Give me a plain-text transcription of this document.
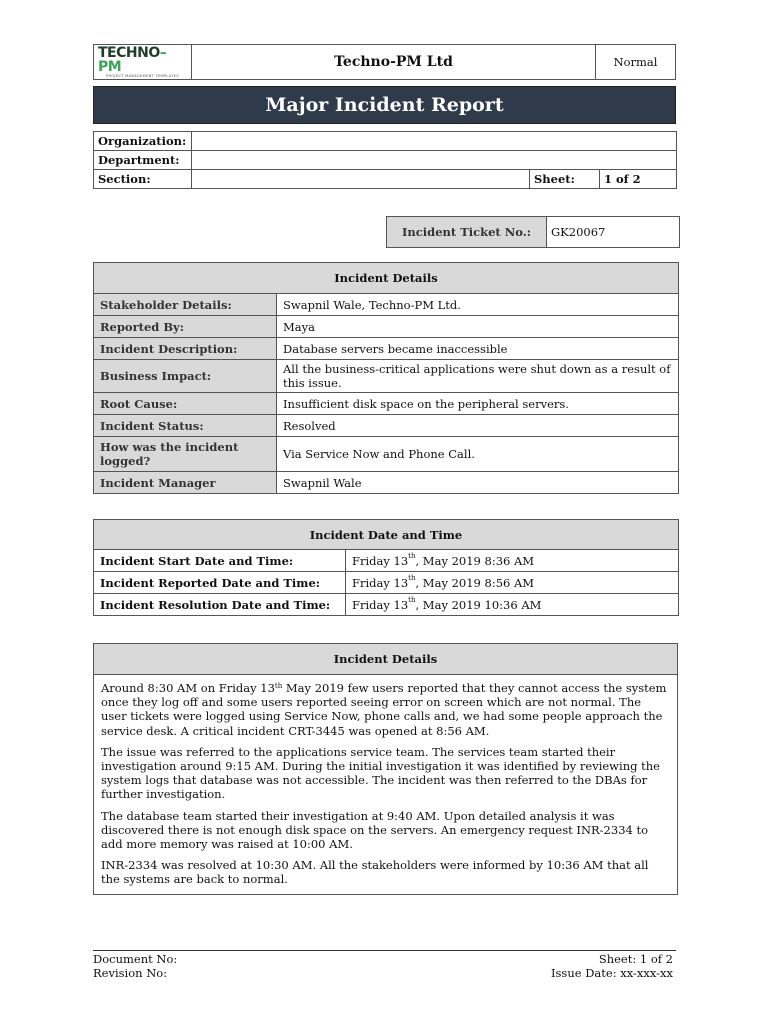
TECHNO–PM
PROJECT MANAGEMENT TEMPLATES
	Techno-PM Ltd	Normal
Major Incident Report
Organization:			
Department:			
Section:		Sheet:	1 of 2
Incident Ticket No.:	GK20067
Incident Details	
Stakeholder Details:	Swapnil Wale, Techno-PM Ltd.
Reported By:	Maya
Incident Description:	Database servers became inaccessible
Business Impact:	All the business-critical applications were shut down as a result of this issue.
Root Cause:	Insufficient disk space on the peripheral servers.
Incident Status:	Resolved
How was the incident logged?	Via Service Now and Phone Call.
Incident Manager	Swapnil Wale
Incident Date and Time	
Incident Start Date and Time:	Friday 13th, May 2019 8:36 AM
Incident Reported Date and Time:	Friday 13th, May 2019 8:56 AM
Incident Resolution Date and Time:	Friday 13th, May 2019 10:36 AM
Incident Details

Around 8:30 AM on Friday 13th May 2019 few users reported that they cannot access the system once they log off and some users reported seeing error on screen which are not normal. The user tickets were logged using Service Now, phone calls and, we had some people approach the service desk. A critical incident CRT-3445 was opened at 8:56 AM.

The issue was referred to the applications service team. The services team started their investigation around 9:15 AM. During the initial investigation it was identified by reviewing the system logs that database was not accessible. The incident was then referred to the DBAs for further investigation.

The database team started their investigation at 9:40 AM. Upon detailed analysis it was discovered there is not enough disk space on the servers. An emergency request INR-2334 to add more memory was raised at 10:00 AM.

INR-2334 was resolved at 10:30 AM. All the stakeholders were informed by 10:36 AM that all the systems are back to normal.

Document No:
Revision No:
Sheet: 1 of 2
Issue Date: xx-xxx-xx
